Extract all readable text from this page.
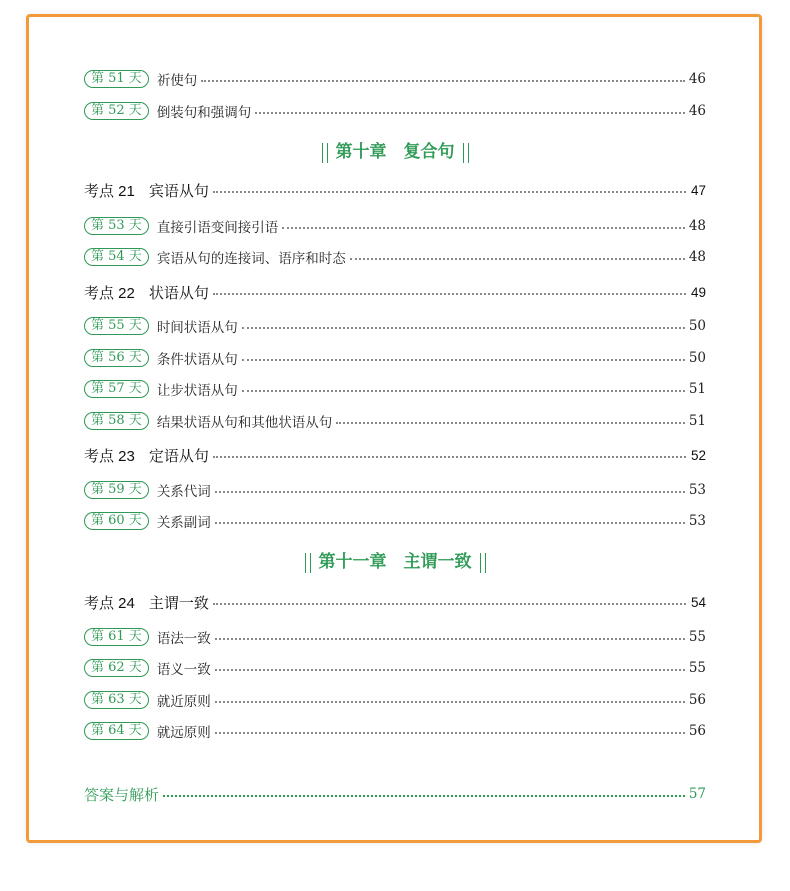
第 51 天	祈使句	46
第 52 天	倒装句和强调句	46
第十章　复合句
考点 21 宾语从句	47
第 53 天	直接引语变间接引语	48
第 54 天	宾语从句的连接词、语序和时态	48
考点 22 状语从句	49
第 55 天	时间状语从句	50
第 56 天	条件状语从句	50
第 57 天	让步状语从句	51
第 58 天	结果状语从句和其他状语从句	51
考点 23 定语从句	52
第 59 天	关系代词	53
第 60 天	关系副词	53
第十一章　主谓一致
考点 24 主谓一致	54
第 61 天	语法一致	55
第 62 天	语义一致	55
第 63 天	就近原则	56
第 64 天	就远原则	56
答案与解析	57
